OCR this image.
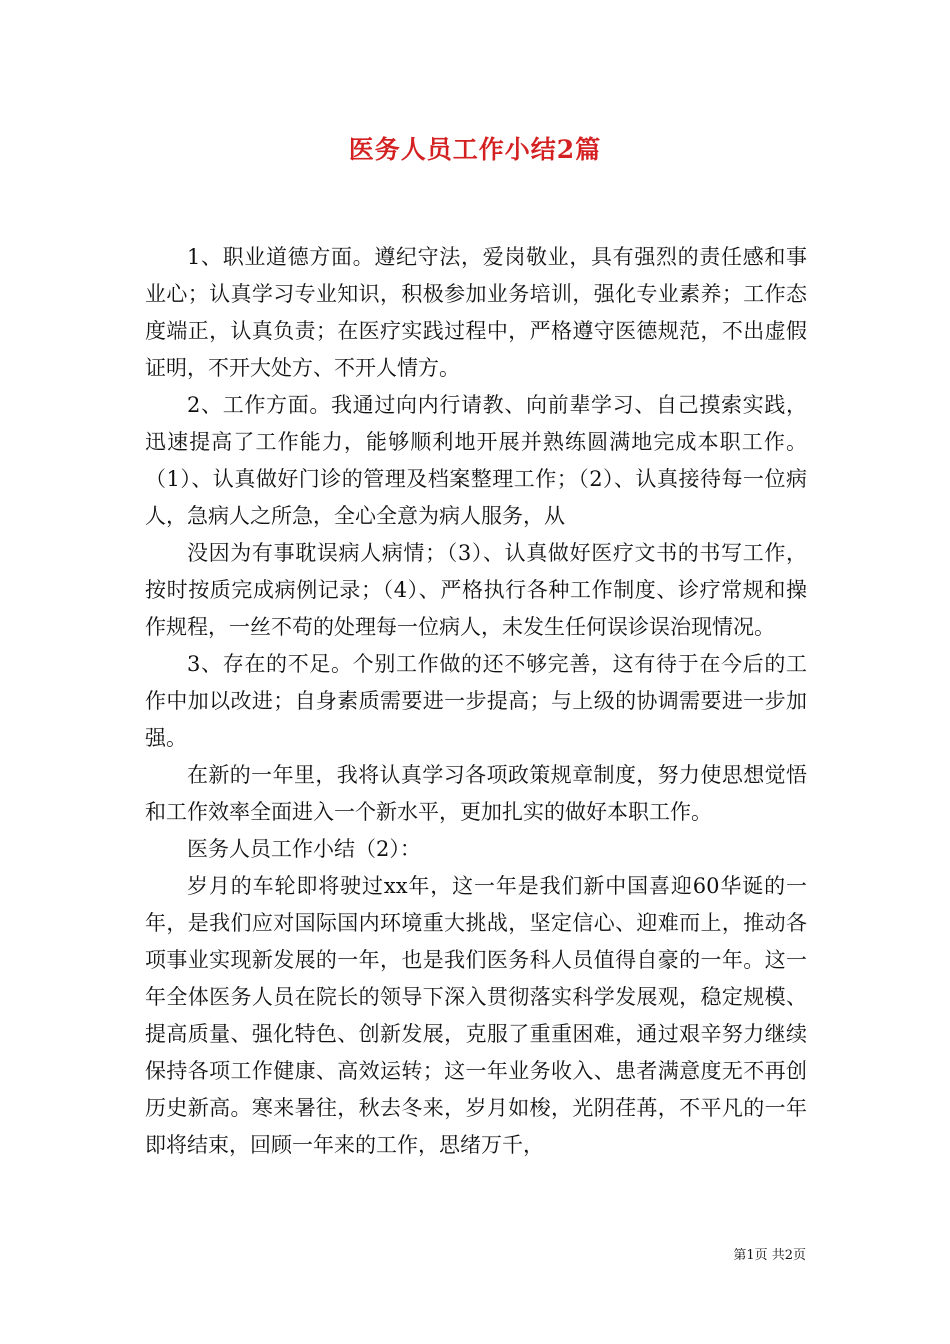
医务人员工作小结2篇

1、职业道德方面。遵纪守法，爱岗敬业，具有强烈的责任感和事业心；认真学习专业知识，积极参加业务培训，强化专业素养；工作态度端正，认真负责；在医疗实践过程中，严格遵守医德规范，不出虚假证明，不开大处方、不开人情方。

2、工作方面。我通过向内行请教、向前辈学习、自己摸索实践，迅速提高了工作能力，能够顺利地开展并熟练圆满地完成本职工作。（1）、认真做好门诊的管理及档案整理工作；（2）、认真接待每一位病人，急病人之所急，全心全意为病人服务，从

没因为有事耽误病人病情；（3）、认真做好医疗文书的书写工作，按时按质完成病例记录；（4）、严格执行各种工作制度、诊疗常规和操作规程，一丝不苟的处理每一位病人，未发生任何误诊误治现情况。

3、存在的不足。个别工作做的还不够完善，这有待于在今后的工作中加以改进；自身素质需要进一步提高；与上级的协调需要进一步加强。

在新的一年里，我将认真学习各项政策规章制度，努力使思想觉悟和工作效率全面进入一个新水平，更加扎实的做好本职工作。

医务人员工作小结（2）：

岁月的车轮即将驶过xx年，这一年是我们新中国喜迎60华诞的一年，是我们应对国际国内环境重大挑战，坚定信心、迎难而上，推动各项事业实现新发展的一年，也是我们医务科人员值得自豪的一年。这一年全体医务人员在院长的领导下深入贯彻落实科学发展观，稳定规模、提高质量、强化特色、创新发展，克服了重重困难，通过艰辛努力继续保持各项工作健康、高效运转；这一年业务收入、患者满意度无不再创历史新高。寒来暑往，秋去冬来，岁月如梭，光阴荏苒，不平凡的一年即将结束，回顾一年来的工作，思绪万千，

第1页 共2页
